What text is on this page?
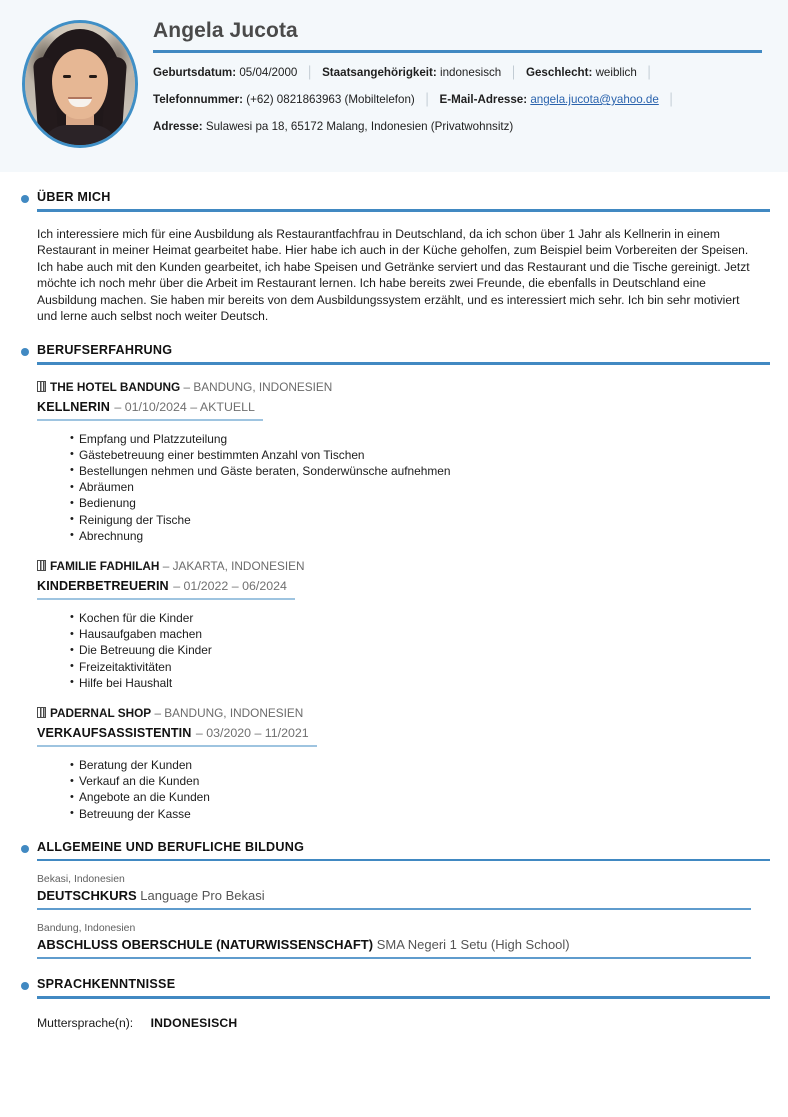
Angela Jucota
Geburtsdatum: 05/04/2000 │ Staatsangehörigkeit: indonesisch │ Geschlecht: weiblich │
Telefonnummer: (+62) 0821863963 (Mobiltelefon) │ E-Mail-Adresse: angela.jucota@yahoo.de │
Adresse: Sulawesi pa 18, 65172 Malang, Indonesien (Privatwohnsitz)
ÜBER MICH

Ich interessiere mich für eine Ausbildung als Restaurantfachfrau in Deutschland, da ich schon über 1 Jahr als Kellnerin in einem Restaurant in meiner Heimat gearbeitet habe. Hier habe ich auch in der Küche geholfen, zum Beispiel beim Vorbereiten der Speisen. Ich habe auch mit den Kunden gearbeitet, ich habe Speisen und Getränke serviert und das Restaurant und die Tische gereinigt. Jetzt möchte ich noch mehr über die Arbeit im Restaurant lernen. Ich habe bereits zwei Freunde, die ebenfalls in Deutschland eine Ausbildung machen. Sie haben mir bereits von dem Ausbildungssystem erzählt, und es interessiert mich sehr. Ich bin sehr motiviert und lerne auch selbst noch weiter Deutsch.

BERUFSERFAHRUNG
THE HOTEL BANDUNG – BANDUNG, INDONESIEN
KELLNERIN – 01/10/2024 – AKTUELL
• Empfang und Platzzuteilung
• Gästebetreuung einer bestimmten Anzahl von Tischen
• Bestellungen nehmen und Gäste beraten, Sonderwünsche aufnehmen
• Abräumen
• Bedienung
• Reinigung der Tische
• Abrechnung
FAMILIE FADHILAH – JAKARTA, INDONESIEN
KINDERBETREUERIN – 01/2022 – 06/2024
• Kochen für die Kinder
• Hausaufgaben machen
• Die Betreuung die Kinder
• Freizeitaktivitäten
• Hilfe bei Haushalt
PADERNAL SHOP – BANDUNG, INDONESIEN
VERKAUFSASSISTENTIN – 03/2020 – 11/2021
• Beratung der Kunden
• Verkauf an die Kunden
• Angebote an die Kunden
• Betreuung der Kasse
ALLGEMEINE UND BERUFLICHE BILDUNG
Bekasi, Indonesien
DEUTSCHKURS Language Pro Bekasi
Bandung, Indonesien
ABSCHLUSS OBERSCHULE (NATURWISSENSCHAFT) SMA Negeri 1 Setu (High School)
SPRACHKENNTNISSE
Muttersprache(n): INDONESISCH
